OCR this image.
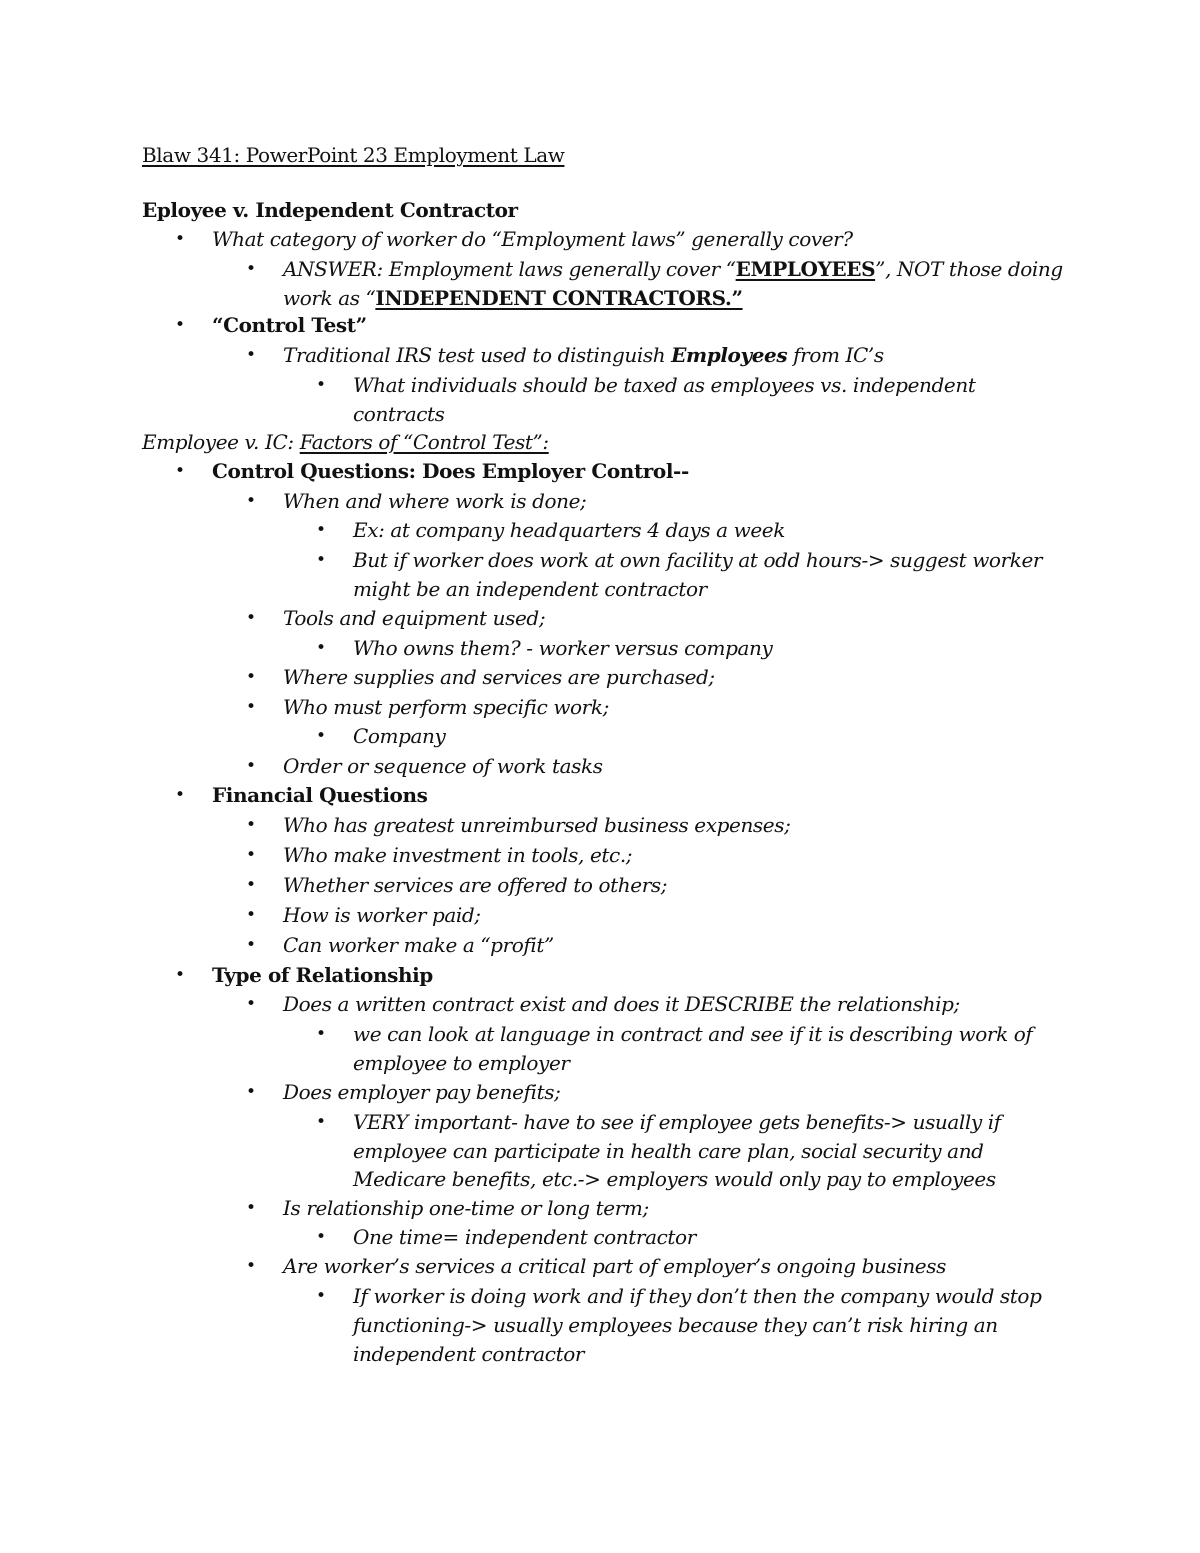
Blaw 341: PowerPoint 23 Employment Law
Eployee v. Independent Contractor
• What category of worker do “Employment laws” generally cover?
• ANSWER: Employment laws generally cover “EMPLOYEES”, NOT those doing
work as “INDEPENDENT CONTRACTORS.”
• “Control Test”
• Traditional IRS test used to distinguish Employees from IC’s
• What individuals should be taxed as employees vs. independent
contracts
Employee v. IC: Factors of “Control Test”:
• Control Questions: Does Employer Control--
• When and where work is done;
• Ex: at company headquarters 4 days a week
• But if worker does work at own facility at odd hours-> suggest worker
might be an independent contractor
• Tools and equipment used;
• Who owns them? - worker versus company
• Where supplies and services are purchased;
• Who must perform specific work;
• Company
• Order or sequence of work tasks
• Financial Questions
• Who has greatest unreimbursed business expenses;
• Who make investment in tools, etc.;
• Whether services are offered to others;
• How is worker paid;
• Can worker make a “profit”
• Type of Relationship
• Does a written contract exist and does it DESCRIBE the relationship;
• we can look at language in contract and see if it is describing work of
employee to employer
• Does employer pay benefits;
• VERY important- have to see if employee gets benefits-> usually if
employee can participate in health care plan, social security and
Medicare benefits, etc.-> employers would only pay to employees
• Is relationship one-time or long term;
• One time= independent contractor
• Are worker’s services a critical part of employer’s ongoing business
• If worker is doing work and if they don’t then the company would stop
functioning-> usually employees because they can’t risk hiring an
independent contractor
